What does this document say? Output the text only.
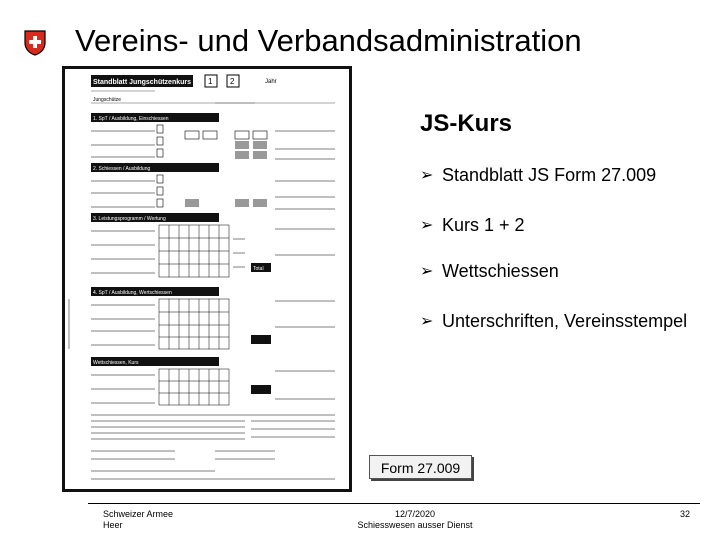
Vereins- und Verbandsadministration
Standblatt Jungschützenkurs 1 2	Jahr
Jungschütze
1. SpT / Ausbildung, Einschiessen
2. Schiessen / Ausbildung
3. Leistungsprogramm / Wertung
Total
4. SpT / Ausbildung, Wertschiessen
Wettschiessen, Kurs
JS-Kurs
➢ Standblatt JS Form 27.009
➢ Kurs 1 + 2
➢ Wettschiessen
➢ Unterschriften, Vereinsstempel
Form 27.009
Schweizer Armee
Heer
12/7/2020
Schiesswesen ausser Dienst
32
